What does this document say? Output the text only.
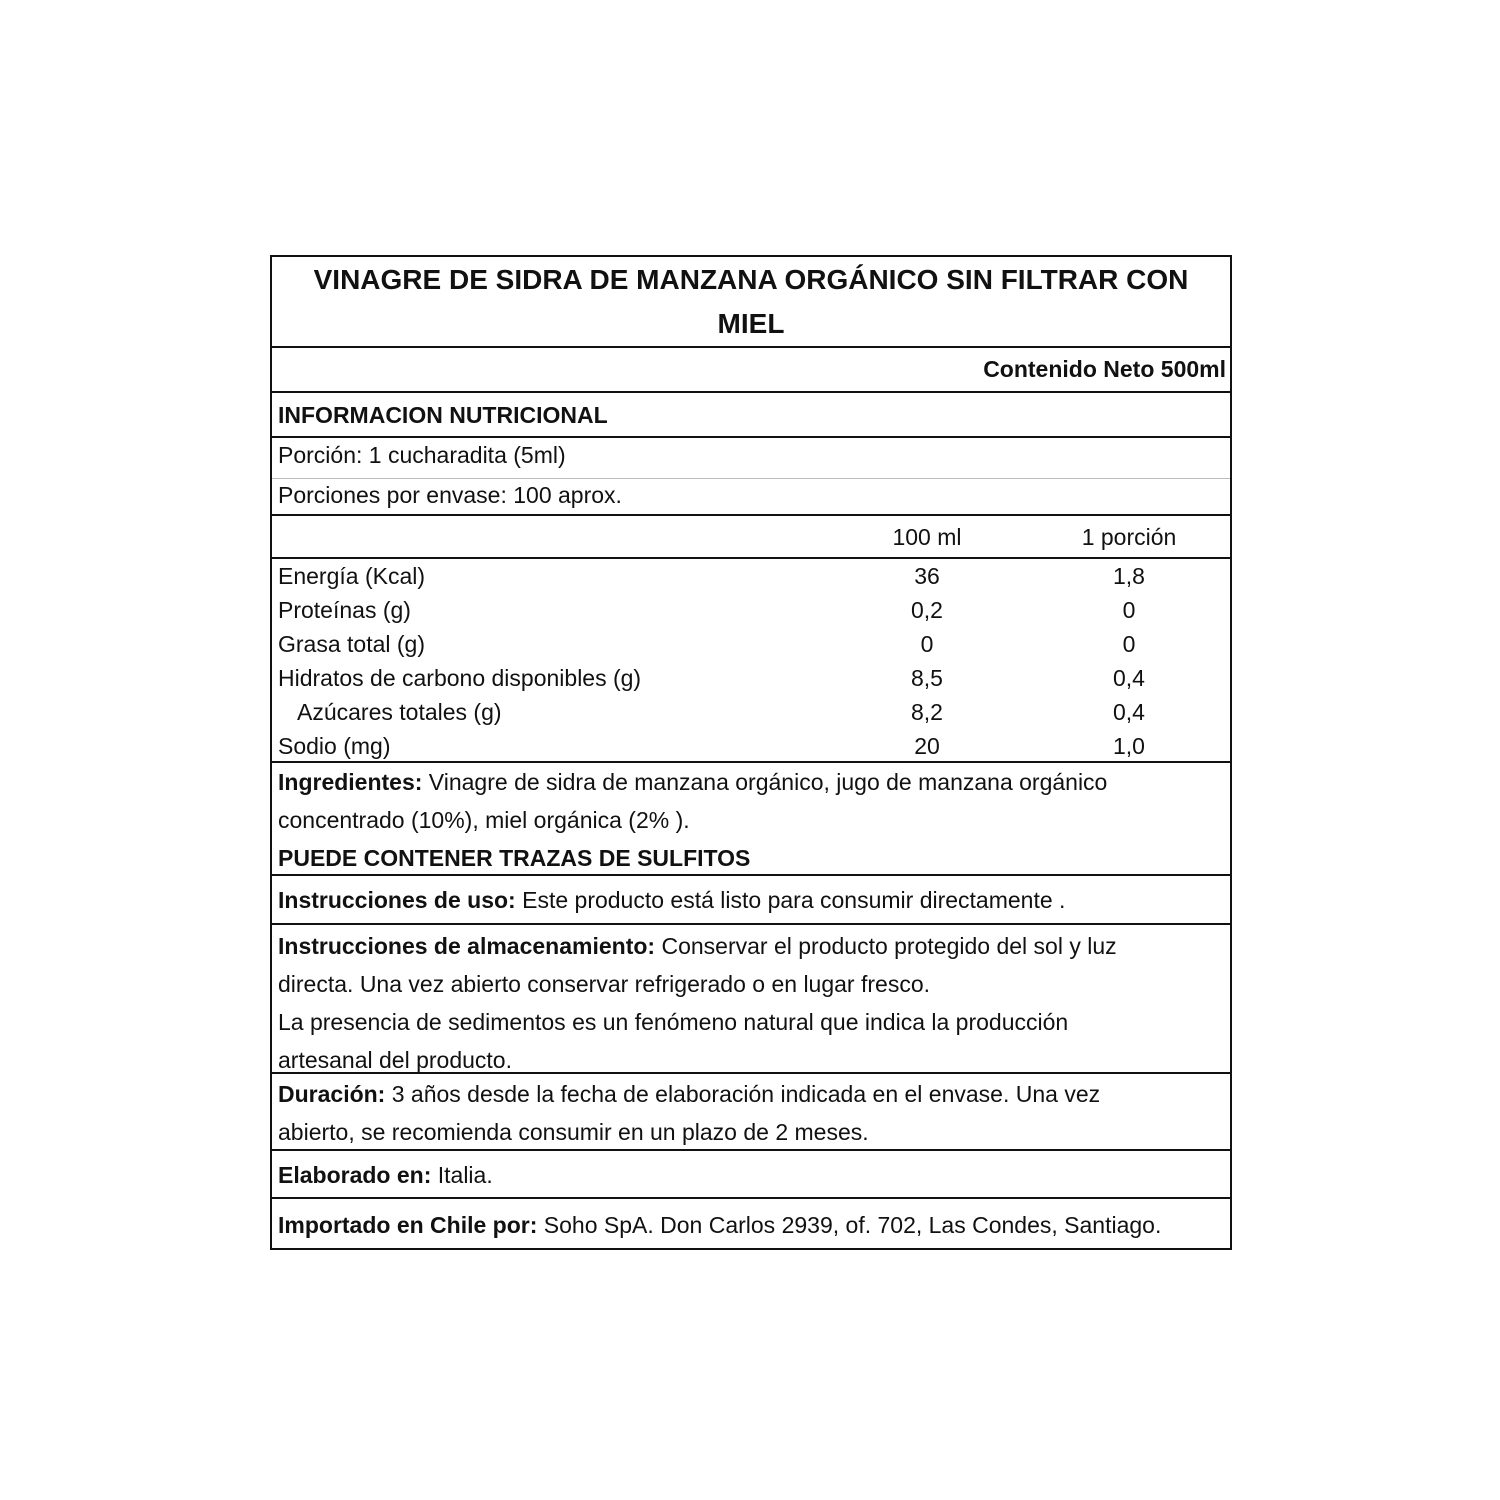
VINAGRE DE SIDRA DE MANZANA ORGÁNICO SIN FILTRAR CON MIEL
Contenido Neto 500ml
INFORMACION NUTRICIONAL
Porción: 1 cucharadita (5ml)
Porciones por envase: 100 aprox.
100 ml	1 porción
Energía (Kcal)	36	1,8
Proteínas (g)	0,2	0
Grasa total (g)	0	0
Hidratos de carbono disponibles (g)	8,5	0,4
Azúcares totales (g)	8,2	0,4
Sodio (mg)	20	1,0
Ingredientes: Vinagre de sidra de manzana orgánico, jugo de manzana orgánico
concentrado (10%), miel orgánica (2% ).
PUEDE CONTENER TRAZAS DE SULFITOS
Instrucciones de uso: Este producto está listo para consumir directamente .
Instrucciones de almacenamiento: Conservar el producto protegido del sol y luz
directa. Una vez abierto conservar refrigerado o en lugar fresco.
La presencia de sedimentos es un fenómeno natural que indica la producción
artesanal del producto.
Duración: 3 años desde la fecha de elaboración indicada en el envase. Una vez
abierto, se recomienda consumir en un plazo de 2 meses.
Elaborado en: Italia.
Importado en Chile por: Soho SpA. Don Carlos 2939, of. 702, Las Condes, Santiago.
